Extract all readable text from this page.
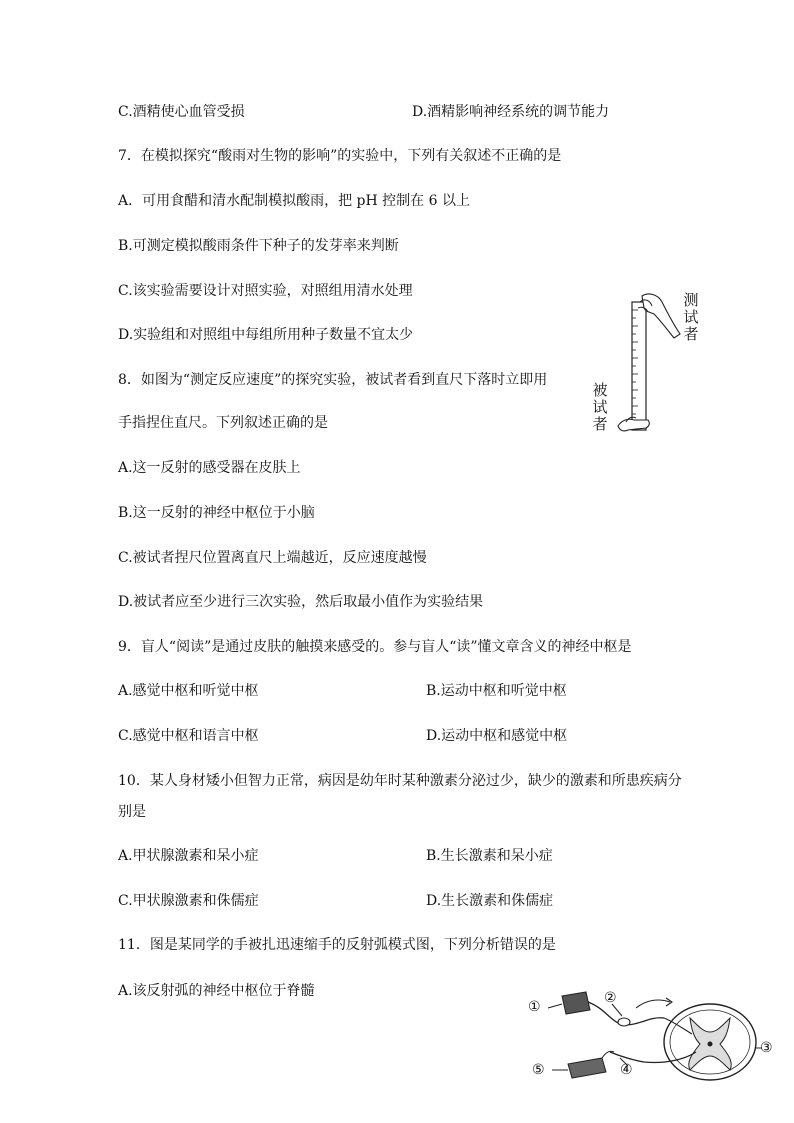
C.酒精使心血管受损	D.酒精影响神经系统的调节能力
7．在模拟探究“酸雨对生物的影响”的实验中，下列有关叙述不正确的是
A．可用食醋和清水配制模拟酸雨，把 pH 控制在 6 以上
B.可测定模拟酸雨条件下种子的发芽率来判断
C.该实验需要设计对照实验，对照组用清水处理
D.实验组和对照组中每组所用种子数量不宜太少
8．如图为“测定反应速度”的探究实验，被试者看到直尺下落时立即用
手指捏住直尺。下列叙述正确的是
A.这一反射的感受器在皮肤上
B.这一反射的神经中枢位于小脑
C.被试者捏尺位置离直尺上端越近，反应速度越慢
D.被试者应至少进行三次实验，然后取最小值作为实验结果
测
试
者
被
试
者
9．盲人“阅读”是通过皮肤的触摸来感受的。参与盲人“读”懂文章含义的神经中枢是
A.感觉中枢和听觉中枢	B.运动中枢和听觉中枢
C.感觉中枢和语言中枢	D.运动中枢和感觉中枢
10．某人身材矮小但智力正常，病因是幼年时某种激素分泌过少，缺少的激素和所患疾病分
别是
A.甲状腺激素和呆小症	B.生长激素和呆小症
C.甲状腺激素和侏儒症	D.生长激素和侏儒症
11．图是某同学的手被扎迅速缩手的反射弧模式图，下列分析错误的是
A.该反射弧的神经中枢位于脊髓
①
②
③
④
⑤
